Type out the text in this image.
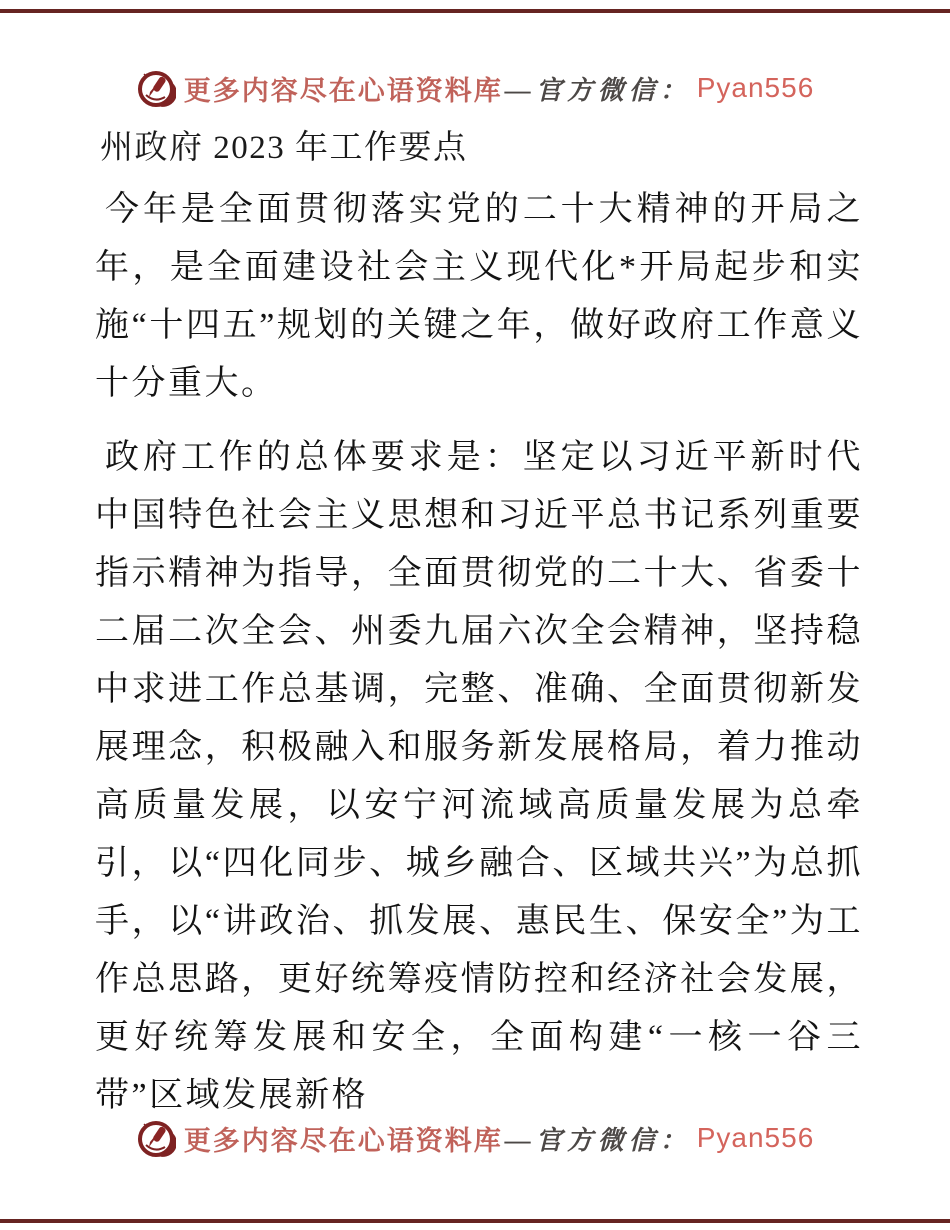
更多内容尽在心语资料库 —官方微信： Pyan556
州政府 2023 年工作要点

今年是全面贯彻落实党的二十大精神的开局之年，是全面建设社会主义现代化*开局起步和实施“十四五”规划的关键之年，做好政府工作意义十分重大。

政府工作的总体要求是：坚定以习近平新时代中国特色社会主义思想和习近平总书记系列重要指示精神为指导，全面贯彻党的二十大、省委十二届二次全会、州委九届六次全会精神，坚持稳中求进工作总基调，完整、准确、全面贯彻新发展理念，积极融入和服务新发展格局，着力推动高质量发展，以安宁河流域高质量发展为总牵引，以“四化同步、城乡融合、区域共兴”为总抓手，以“讲政治、抓发展、惠民生、保安全”为工作总思路，更好统筹疫情防控和经济社会发展，更好统筹发展和安全，全面构建“一核一谷三带”区域发展新格

更多内容尽在心语资料库 —官方微信： Pyan556
